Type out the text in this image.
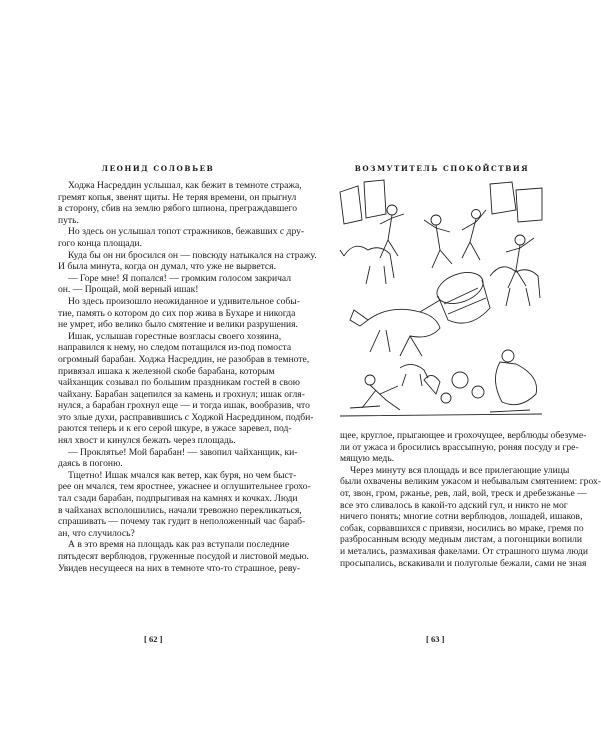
ЛЕОНИД СОЛОВЬЕВ
Ходжа Насреддин услышал, как бежит в темноте стража,
гремят копья, звенят щиты. Не теряя времени, он прыгнул
в сторону, сбив на землю рябого шпиона, преграждавшего
путь.
Но здесь он услышал топот стражников, бежавших с дру-
гого конца площади.
Куда бы он ни бросился он — повсюду натыкался на стражу.
И была минута, когда он думал, что уже не вырвется.
— Горе мне! Я попался! — громким голосом закричал
он. — Прощай, мой верный ишак!
Но здесь произошло неожиданное и удивительное собы-
тие, память о котором до сих пор жива в Бухаре и никогда
не умрет, ибо велико было смятение и велики разрушения.
Ишак, услышав горестные возгласы своего хозяина,
направился к нему, но следом потащился из-под помоста
огромный барабан. Ходжа Насреддин, не разобрав в темноте,
привязал ишака к железной скобе барабана, которым
чайханщик созывал по большим праздникам гостей в свою
чайхану. Барабан зацепился за камень и грохнул; ишак огля-
нулся, а барабан грохнул еще — и тогда ишак, вообразив, что
это злые духи, расправившись с Ходжой Насреддином, подби-
раются теперь и к его серой шкуре, в ужасе заревел, под-
нял хвост и кинулся бежать через площадь.
— Проклятье! Мой барабан! — завопил чайханщик, ки-
даясь в погоню.
Тщетно! Ишак мчался как ветер, как буря, но чем быст-
рее он мчался, тем яростнее, ужаснее и оглушительнее грохо-
тал сзади барабан, подпрыгивая на камнях и кочках. Люди
в чайханах всполошились, начали тревожно перекликаться,
спрашивать — почему так гудит в неположенный час бараб-
ан, что случилось?
А в это время на площадь как раз вступали последние
пятьдесят верблюдов, груженные посудой и листовой медью.
Увидев несущееся на них в темноте что-то страшное, реву-
[ 62 ]
ВОЗМУТИТЕЛЬ СПОКОЙСТВИЯ
щее, круглое, прыгающее и грохочущее, верблюды обезуме-
ли от ужаса и бросились врассыпную, роняя посуду и гре-
мящую медь.
Через минуту вся площадь и все прилегающие улицы
были охвачены великим ужасом и небывалым смятением: грох-
от, звон, гром, ржанье, рев, лай, вой, треск и дребезжанье —
все это сливалось в какой-то адский гул, и никто не мог
ничего понять; многие сотни верблюдов, лошадей, ишаков,
собак, сорвавшихся с привязи, носились во мраке, гремя по
разбросанным всюду медным листам, а погонщики вопили
и метались, размахивая факелами. От страшного шума люди
просыпались, вскакивали и полуголые бежали, сами не зная
[ 63 ]
